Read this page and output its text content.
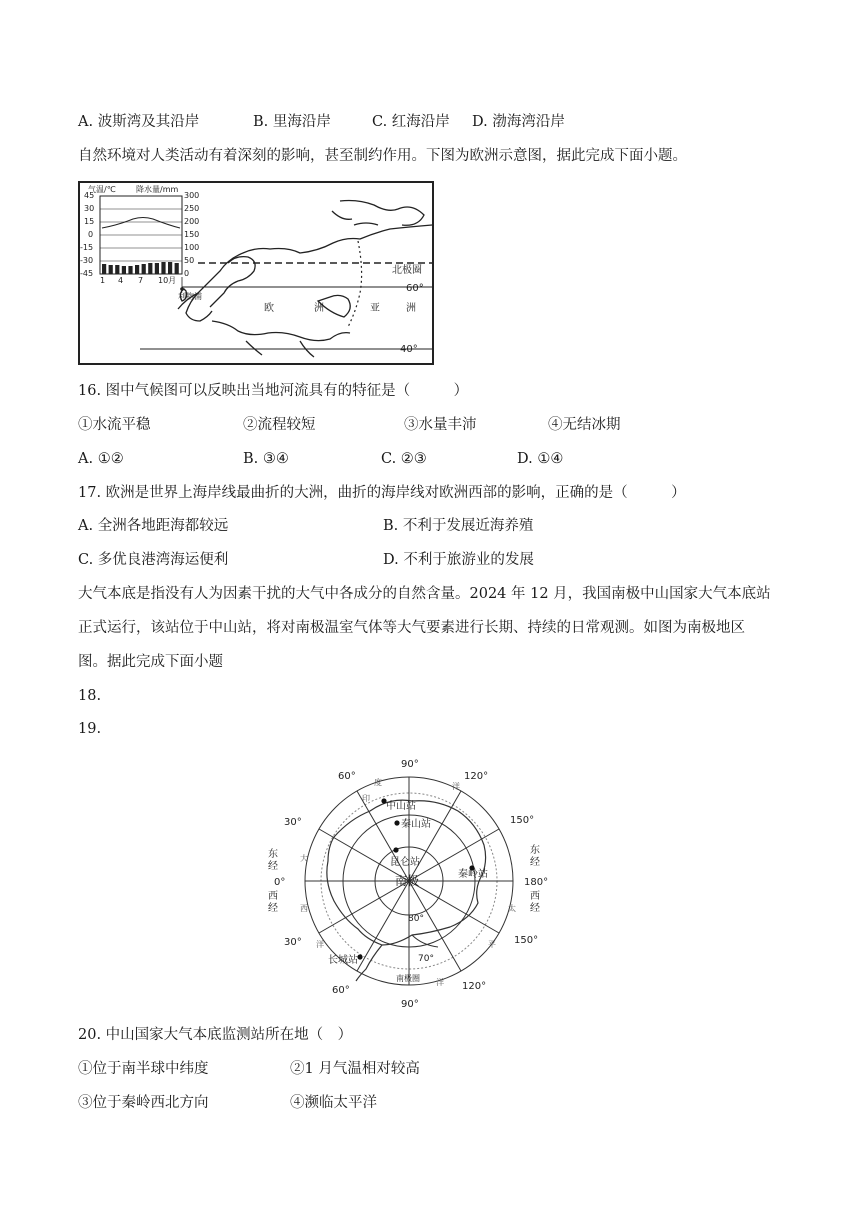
A. 波斯湾及其沿岸	B. 里海沿岸	C. 红海沿岸 D. 渤海湾沿岸
自然环境对人类活动有着深刻的影响，甚至制约作用。下图为欧洲示意图，据此完成下面小题。
气温/℃	降水量/mm
45
30
15
0
-15
-30
-45
300
250
200
150
100
50
0
1 4 7 10月
北极圈
60°
40°
利物浦
欧	洲	亚	洲
16. 图中气候图可以反映出当地河流具有的特征是（　　　）
①水流平稳	②流程较短	③水量丰沛	④无结冰期
A. ①②	B. ③④	C. ②③	D. ①④
17. 欧洲是世界上海岸线最曲折的大洲，曲折的海岸线对欧洲西部的影响，正确的是（　　　）
A. 全洲各地距海都较远	B. 不利于发展近海养殖
C. 多优良港湾海运便利	D. 不利于旅游业的发展
大气本底是指没有人为因素干扰的大气中各成分的自然含量。2024 年 12 月，我国南极中山国家大气本底站
正式运行，该站位于中山站，将对南极温室气体等大气要素进行长期、持续的日常观测。如图为南极地区
图。据此完成下面小题
18.
19.
90°
60°	120°
30°	150°
0°	180°
30°	150°
60°	120°
90°
东
经
西
经
东
经
西
经
印
度	洋
大
西
洋
太
平
洋
中山站
秦山站
昆仑站
秦岭站
长城站
南极
80°
70°
南极圈
20. 中山国家大气本底监测站所在地（　）
①位于南半球中纬度	②1 月气温相对较高
③位于秦岭西北方向	④濒临太平洋
